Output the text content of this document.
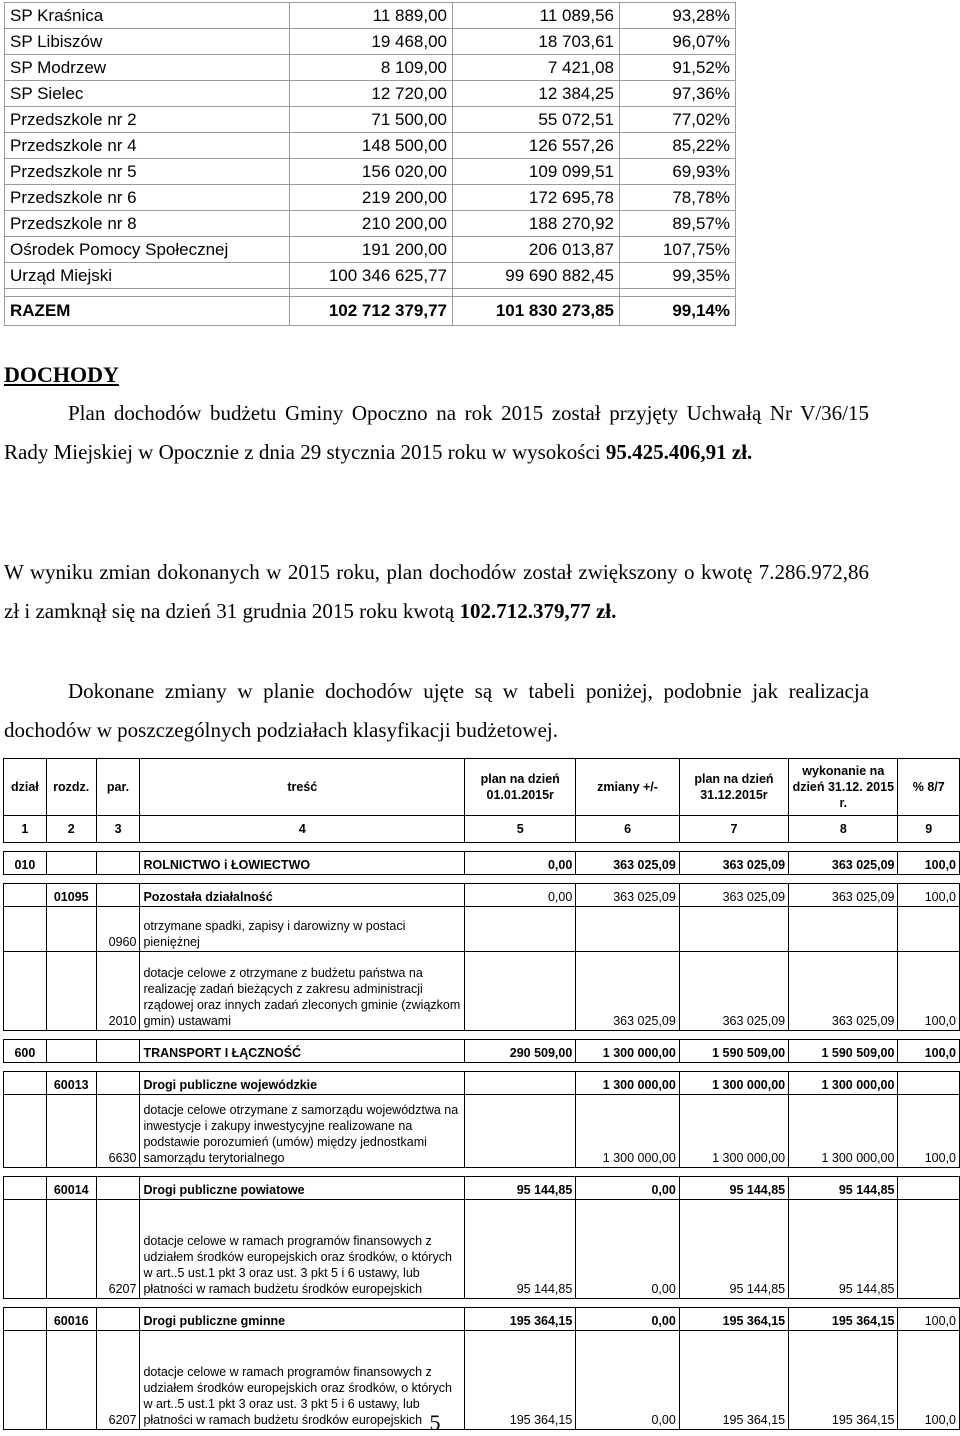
SP Kraśnica	11 889,00	11 089,56	93,28%
SP Libiszów	19 468,00	18 703,61	96,07%
SP Modrzew	8 109,00	7 421,08	91,52%
SP Sielec	12 720,00	12 384,25	97,36%
Przedszkole nr 2	71 500,00	55 072,51	77,02%
Przedszkole nr 4	148 500,00	126 557,26	85,22%
Przedszkole nr 5	156 020,00	109 099,51	69,93%
Przedszkole nr 6	219 200,00	172 695,78	78,78%
Przedszkole nr 8	210 200,00	188 270,92	89,57%
Ośrodek Pomocy Społecznej	191 200,00	206 013,87	107,75%
Urząd Miejski	100 346 625,77	99 690 882,45	99,35%

RAZEM	102 712 379,77	101 830 273,85	99,14%
DOCHODY
Plan dochodów budżetu Gminy Opoczno na rok 2015 został przyjęty Uchwałą Nr V/36/15 Rady Miejskiej w Opocznie z dnia 29 stycznia 2015 roku w wysokości 95.425.406,91 zł.
W wyniku zmian dokonanych w 2015 roku, plan dochodów został zwiększony o kwotę 7.286.972,86 zł i zamknął się na dzień 31 grudnia 2015 roku kwotą 102.712.379,77 zł.
Dokonane zmiany w planie dochodów ujęte są w tabeli poniżej, podobnie jak realizacja dochodów w poszczególnych podziałach klasyfikacji budżetowej.
dział	rozdz.	par.	treść	plan na dzień 01.01.2015r	zmiany +/-	plan na dzień 31.12.2015r	wykonanie na dzień 31.12. 2015 r.	% 8/7
1	2	3	4	5	6	7	8	9

010			ROLNICTWO i ŁOWIECTWO	0,00	363 025,09	363 025,09	363 025,09	100,0

	01095		Pozostała działalność	0,00	363 025,09	363 025,09	363 025,09	100,0
		0960	otrzymane spadki, zapisy i darowizny w postaci pieniężnej					
		2010	dotacje celowe z otrzymane z budżetu państwa na realizację zadań bieżących z zakresu administracji rządowej oraz innych zadań zleconych gminie (związkom gmin) ustawami		363 025,09	363 025,09	363 025,09	100,0

600			TRANSPORT I ŁĄCZNOŚĆ	290 509,00	1 300 000,00	1 590 509,00	1 590 509,00	100,0

	60013		Drogi publiczne wojewódzkie		1 300 000,00	1 300 000,00	1 300 000,00	
		6630	dotacje celowe otrzymane z samorządu województwa na inwestycje i zakupy inwestycyjne realizowane na podstawie porozumień (umów) między jednostkami samorządu terytorialnego		1 300 000,00	1 300 000,00	1 300 000,00	100,0

	60014		Drogi publiczne powiatowe	95 144,85	0,00	95 144,85	95 144,85	
		6207	dotacje celowe w ramach programów finansowych z udziałem środków europejskich oraz środków, o których w art..5 ust.1 pkt 3 oraz ust. 3 pkt 5 i 6 ustawy, lub płatności w ramach budżetu środków europejskich	95 144,85	0,00	95 144,85	95 144,85	

	60016		Drogi publiczne gminne	195 364,15	0,00	195 364,15	195 364,15	100,0
		6207	dotacje celowe w ramach programów finansowych z udziałem środków europejskich oraz środków, o których w art..5 ust.1 pkt 3 oraz ust. 3 pkt 5 i 6 ustawy, lub płatności w ramach budżetu środków europejskich	195 364,15	0,00	195 364,15	195 364,15	100,0
5
